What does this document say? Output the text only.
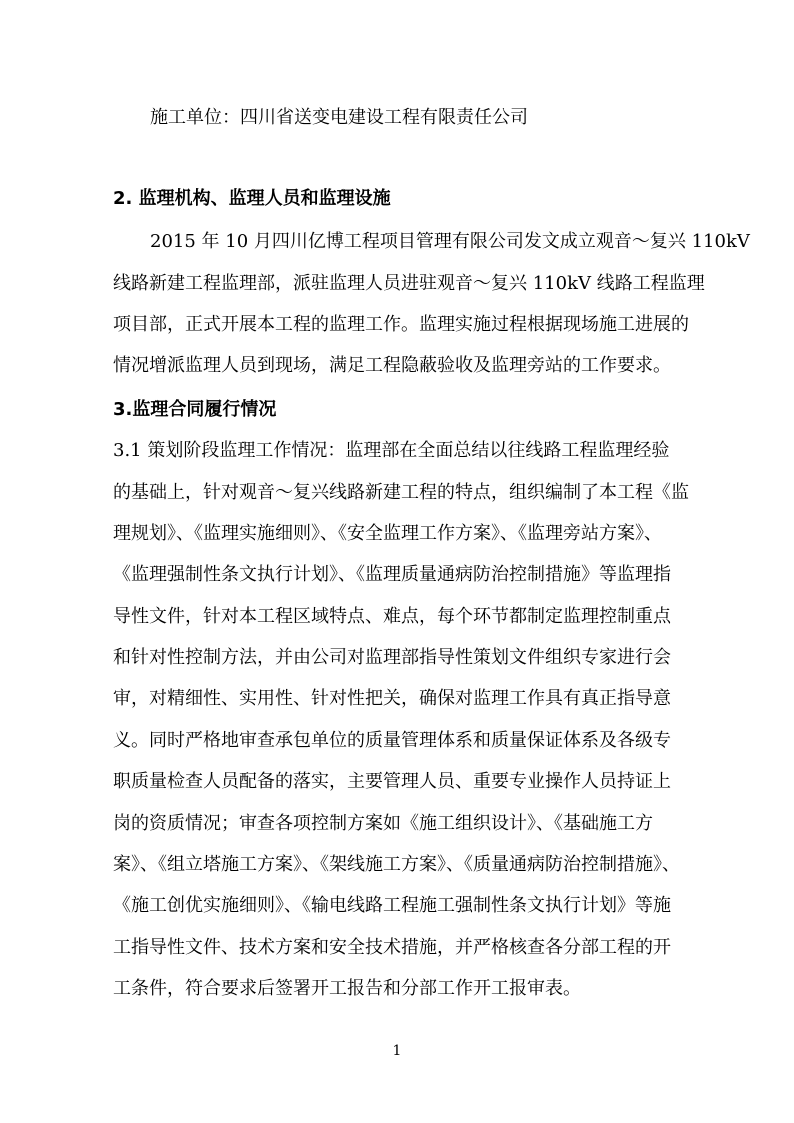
施工单位：四川省送变电建设工程有限责任公司
2. 监理机构、监理人员和监理设施
2015 年 10 月四川亿博工程项目管理有限公司发文成立观音～复兴 110kV
线路新建工程监理部，派驻监理人员进驻观音～复兴 110kV 线路工程监理
项目部，正式开展本工程的监理工作。监理实施过程根据现场施工进展的
情况增派监理人员到现场，满足工程隐蔽验收及监理旁站的工作要求。
3.监理合同履行情况
3.1 策划阶段监理工作情况：监理部在全面总结以往线路工程监理经验
的基础上，针对观音～复兴线路新建工程的特点，组织编制了本工程《监
理规划》、《监理实施细则》、《安全监理工作方案》、《监理旁站方案》、
《监理强制性条文执行计划》、《监理质量通病防治控制措施》等监理指
导性文件，针对本工程区域特点、难点，每个环节都制定监理控制重点
和针对性控制方法，并由公司对监理部指导性策划文件组织专家进行会
审，对精细性、实用性、针对性把关，确保对监理工作具有真正指导意
义。同时严格地审查承包单位的质量管理体系和质量保证体系及各级专
职质量检查人员配备的落实，主要管理人员、重要专业操作人员持证上
岗的资质情况；审查各项控制方案如《施工组织设计》、《基础施工方
案》、《组立塔施工方案》、《架线施工方案》、《质量通病防治控制措施》、
《施工创优实施细则》、《输电线路工程施工强制性条文执行计划》等施
工指导性文件、技术方案和安全技术措施，并严格核查各分部工程的开
工条件，符合要求后签署开工报告和分部工作开工报审表。
1
